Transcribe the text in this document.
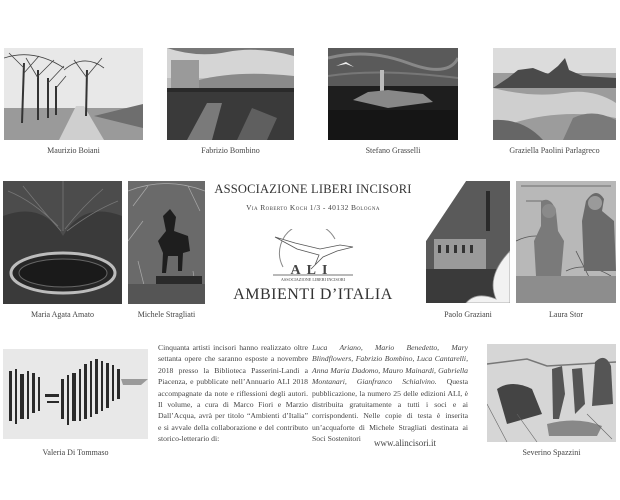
Maurizio Boiani	Fabrizio Bombino	Stefano Grasselli	Graziella Paolini Parlagreco
Maria Agata Amato	Michele Stragliati
ASSOCIAZIONE LIBERI INCISORI
Via Roberto Koch 1/3 - 40132 Bologna
ALI
ASSOCIAZIONE LIBERI INCISORI
AMBIENTI D’ITALIA
Paolo Graziani	Laura Stor
Valeria Di Tommaso
Cinquanta artisti incisori hanno realizzato oltre settanta opere che saranno esposte a novembre 2018 presso la Biblioteca Passerini-Landi a Piacenza, e pubblicate nell’Annuario ALI 2018 accompagnate da note e riflessioni degli autori. Il volume, a cura di Marco Fiori e Marzio Dall’Acqua, avrà per titolo “Ambienti d’Italia” e si avvale della collaborazione e del contributo storico-letterario di:
Luca Ariano, Mario Benedetto, Mary Blindflowers, Fabrizio Bombino, Luca Cantarelli, Anna Maria Dadomo, Mauro Mainardi, Gabriella Montanari, Gianfranco Schialvino. Questa pubblicazione, la numero 25 delle edizioni ALI, è distribuita gratuitamente a tutti i soci e ai corrispondenti. Nelle copie di testa è inserita un’acquaforte di Michele Stragliati destinata ai Soci Sostenitori	www.alincisori.it
Severino Spazzini
